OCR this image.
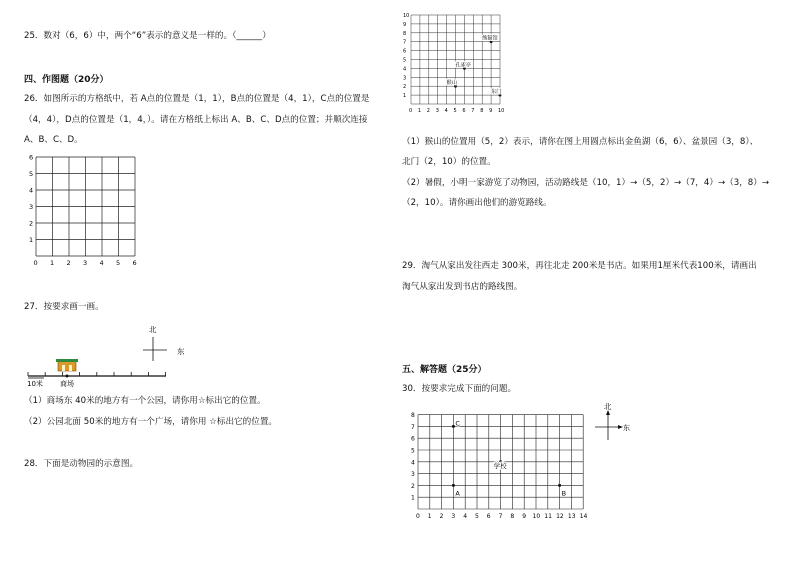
25．数对（6，6）中，两个“6”表示的意义是一样的。（______）
四、作图题（20分）
26．如图所示的方格纸中，若 A点的位置是（1，1），B点的位置是（4，1），C点的位置是
（4，4），D点的位置是（1，4，）。请在方格纸上标出 A、B、C、D点的位置；并顺次连接
A、B、C、D。
0 1 2 3 4 5 6
1
2
3
4
5
6
27．按要求画一画。
北
东
10米 商场
（1）商场东 40米的地方有一个公园，请你用☆标出它的位置。
（2）公园北面 50米的地方有一个广场，请你用 ☆标出它的位置。
28．下面是动物园的示意图。
0 1 2 3 4 5 6 7 8 9 10
1
2
3
4
5
6
7
8
9
10
熊猫馆
孔雀亭
猴山
东门
（1）猴山的位置用（5，2）表示，请你在图上用圆点标出金鱼湖（6，6）、盆景园（3，8）、
北门（2，10）的位置。
（2）暑假，小明一家游览了动物园，活动路线是（10，1）→（5，2）→（7，4）→（3，8）→
（2，10）。请你画出他们的游览路线。
29．淘气从家出发往西走 300米，再往北走 200米是书店。如果用1厘米代表100米，请画出
淘气从家出发到书店的路线图。
五、解答题（25分）
30．按要求完成下面的问题。
北
东
0 1 2 3 4 5 6 7 8 9 10 11 12 13 14
1
2
3
4
5
6
7
8
C
学校
A	B
